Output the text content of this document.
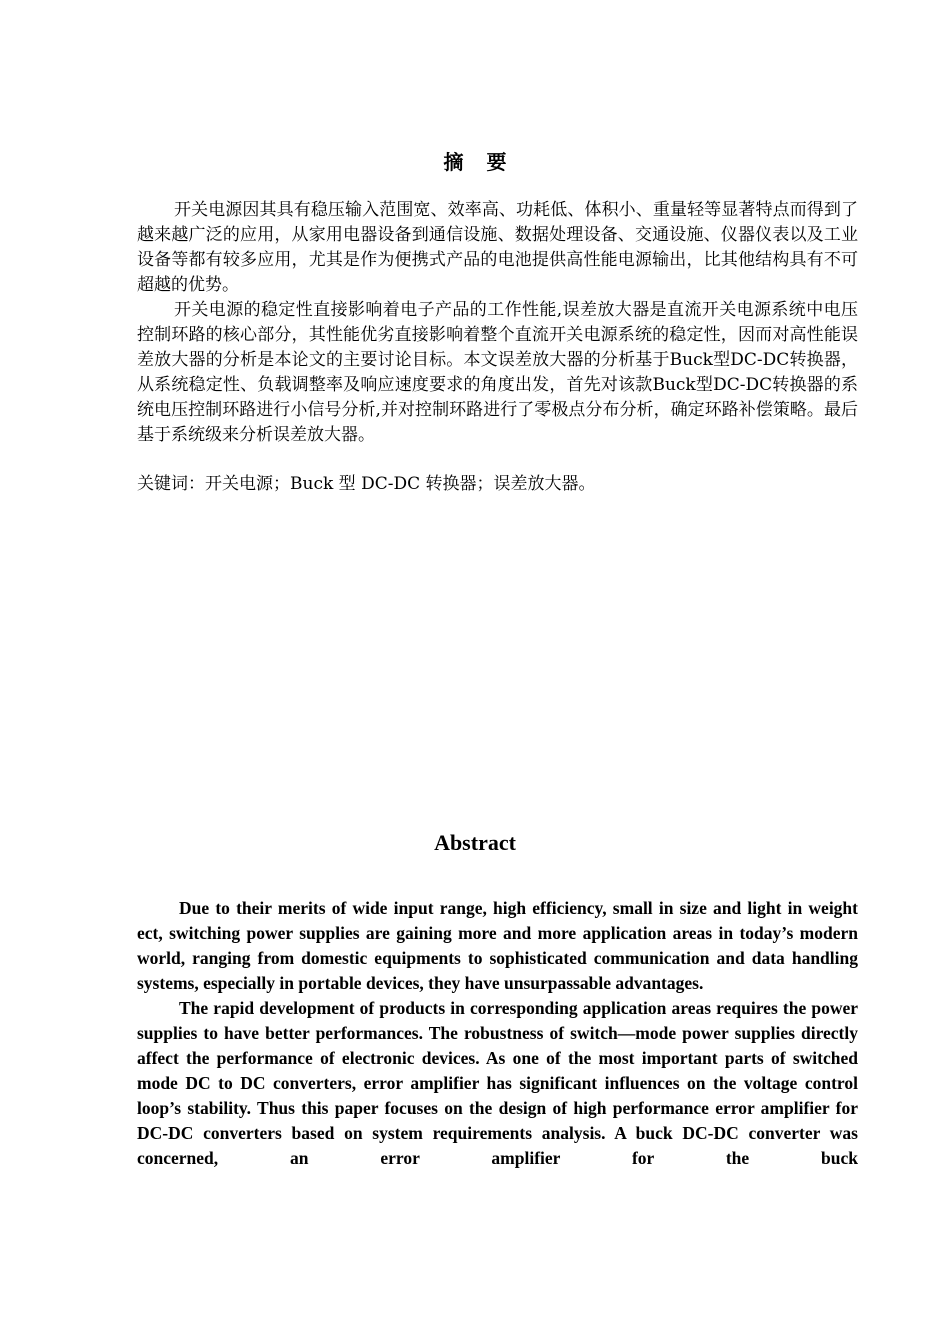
摘 要

开关电源因其具有稳压输入范围宽、效率高、功耗低、体积小、重量轻等显著特点而得到了越来越广泛的应用，从家用电器设备到通信设施、数据处理设备、交通设施、仪器仪表以及工业设备等都有较多应用，尤其是作为便携式产品的电池提供高性能电源输出，比其他结构具有不可超越的优势。

开关电源的稳定性直接影响着电子产品的工作性能,误差放大器是直流开关电源系统中电压控制环路的核心部分，其性能优劣直接影响着整个直流开关电源系统的稳定性，因而对高性能误差放大器的分析是本论文的主要讨论目标。本文误差放大器的分析基于Buck型DC-DC转换器，从系统稳定性、负载调整率及响应速度要求的角度出发，首先对该款Buck型DC-DC转换器的系统电压控制环路进行小信号分析,并对控制环路进行了零极点分布分析，确定环路补偿策略。最后基于系统级来分析误差放大器。

关键词：开关电源；Buck 型 DC-DC 转换器；误差放大器。

Abstract

Due to their merits of wide input range, high efficiency, small in size and light in weight ect, switching power supplies are gaining more and more application areas in today’s modern world, ranging from domestic equipments to sophisticated communication and data handling systems, especially in portable devices, they have unsurpassable advantages.

The rapid development of products in corresponding application areas requires the power supplies to have better performances. The robustness of switch—mode power supplies directly affect the performance of electronic devices. As one of the most important parts of switched mode DC to DC converters, error amplifier has significant influences on the voltage control loop’s stability. Thus this paper focuses on the design of high performance error amplifier for DC-DC converters based on system requirements analysis. A buck DC-DC converter was concerned, an error amplifier for the buck
